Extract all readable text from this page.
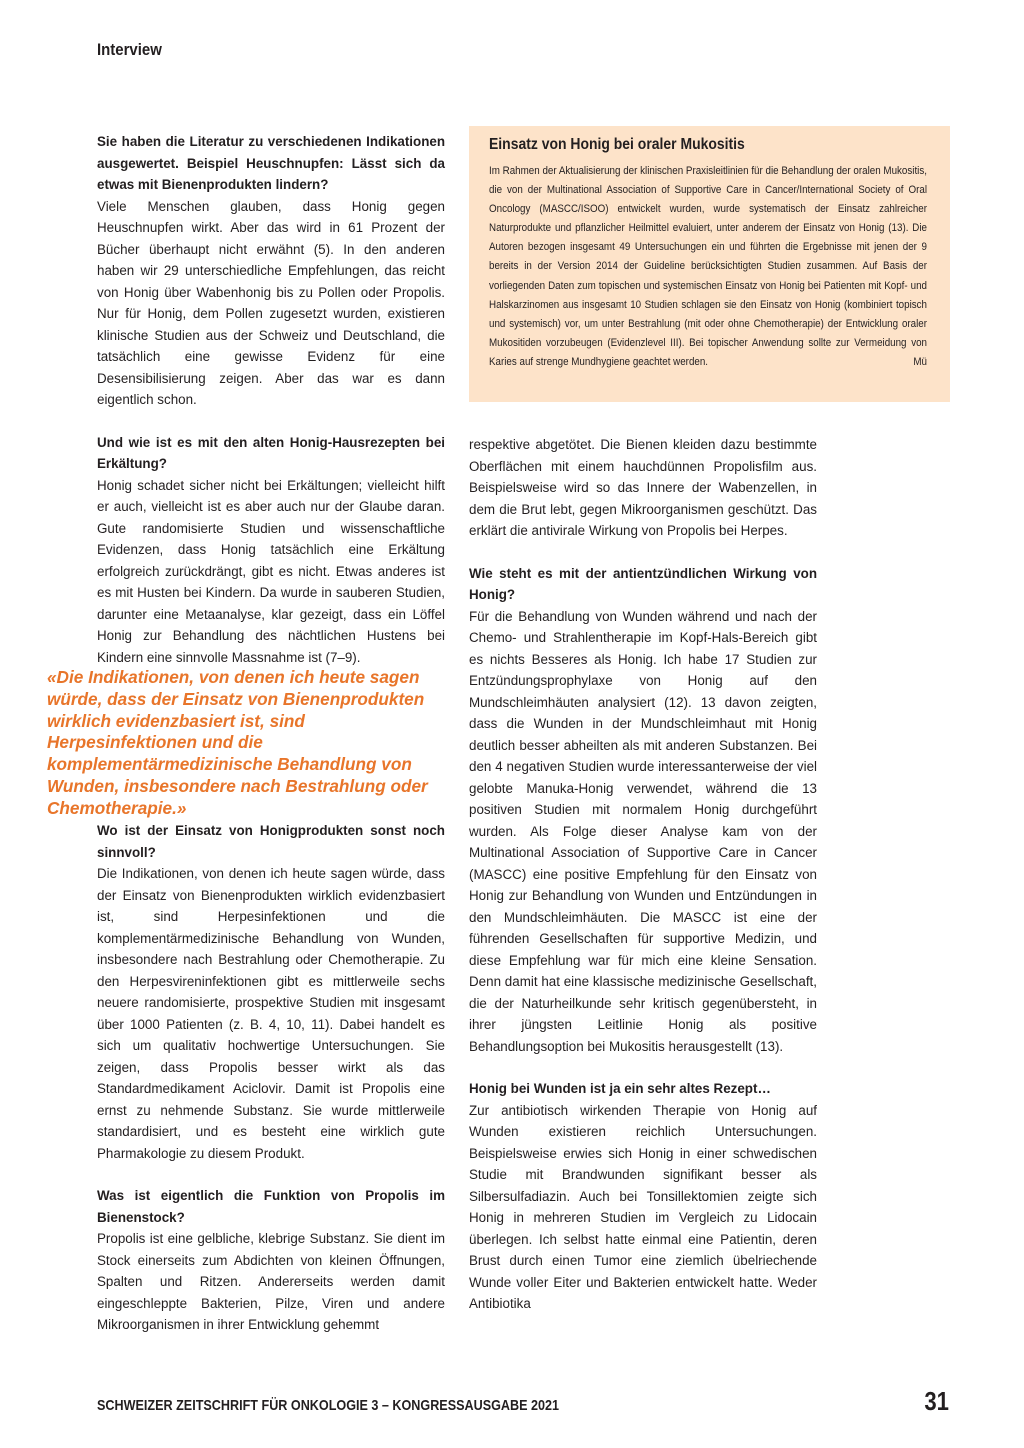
Interview

Sie haben die Literatur zu verschiedenen Indikationen ausgewertet. Beispiel Heuschnupfen: Lässt sich da etwas mit Bienenprodukten lindern?

Viele Menschen glauben, dass Honig gegen Heuschnupfen wirkt. Aber das wird in 61 Prozent der Bücher überhaupt nicht erwähnt (5). In den anderen haben wir 29 unterschiedliche Empfehlungen, das reicht von Honig über Wabenhonig bis zu Pollen oder Propolis. Nur für Honig, dem Pollen zugesetzt wurden, existieren klinische Studien aus der Schweiz und Deutschland, die tatsächlich eine gewisse Evidenz für eine Desensibilisierung zeigen. Aber das war es dann eigentlich schon.

Und wie ist es mit den alten Honig-Hausrezepten bei Erkältung?

Honig schadet sicher nicht bei Erkältungen; vielleicht hilft er auch, vielleicht ist es aber auch nur der Glaube daran. Gute randomisierte Studien und wissenschaftliche Evidenzen, dass Honig tatsächlich eine Erkältung erfolgreich zurückdrängt, gibt es nicht. Etwas anderes ist es mit Husten bei Kindern. Da wurde in sauberen Studien, darunter eine Metaanalyse, klar gezeigt, dass ein Löffel Honig zur Behandlung des nächtlichen Hustens bei Kindern eine sinnvolle Massnahme ist (7–9).

«Die Indikationen, von denen ich heute sagen würde, dass der Einsatz von Bienenprodukten wirklich evidenzbasiert ist, sind Herpesinfektionen und die komplementärmedizinische Behandlung von Wunden, insbesondere nach Bestrahlung oder Chemotherapie.»

Wo ist der Einsatz von Honigprodukten sonst noch sinnvoll?

Die Indikationen, von denen ich heute sagen würde, dass der Einsatz von Bienenprodukten wirklich evidenzbasiert ist, sind Herpesinfektionen und die komplementärmedizinische Behandlung von Wunden, insbesondere nach Bestrahlung oder Chemotherapie. Zu den Herpesvireninfektionen gibt es mittlerweile sechs neuere randomisierte, prospektive Studien mit insgesamt über 1000 Patienten (z. B. 4, 10, 11). Dabei handelt es sich um qualitativ hochwertige Untersuchungen. Sie zeigen, dass Propolis besser wirkt als das Standardmedikament Aciclovir. Damit ist Propolis eine ernst zu nehmende Substanz. Sie wurde mittlerweile standardisiert, und es besteht eine wirklich gute Pharmakologie zu diesem Produkt.

Was ist eigentlich die Funktion von Propolis im Bienenstock?

Propolis ist eine gelbliche, klebrige Substanz. Sie dient im Stock einerseits zum Abdichten von kleinen Öffnungen, Spalten und Ritzen. Andererseits werden damit eingeschleppte Bakterien, Pilze, Viren und andere Mikroorganismen in ihrer Entwicklung gehemmt

Einsatz von Honig bei oraler Mukositis

Im Rahmen der Aktualisierung der klinischen Praxisleitlinien für die Behandlung der oralen Mukositis, die von der Multinational Association of Supportive Care in Cancer/International Society of Oral Oncology (MASCC/ISOO) entwickelt wurden, wurde systematisch der Einsatz zahlreicher Naturprodukte und pflanzlicher Heilmittel evaluiert, unter anderem der Einsatz von Honig (13). Die Autoren bezogen insgesamt 49 Untersuchungen ein und führten die Ergebnisse mit jenen der 9 bereits in der Version 2014 der Guideline berücksichtigten Studien zusammen. Auf Basis der vorliegenden Daten zum topischen und systemischen Einsatz von Honig bei Patienten mit Kopf- und Halskarzinomen aus insgesamt 10 Studien schlagen sie den Einsatz von Honig (kombiniert topisch und systemisch) vor, um unter Bestrahlung (mit oder ohne Chemotherapie) der Entwicklung oraler Mukositiden vorzubeugen (Evidenzlevel III). Bei topischer Anwendung sollte zur Vermeidung von Karies auf strenge Mundhygiene geachtet werden.	Mü

respektive abgetötet. Die Bienen kleiden dazu bestimmte Oberflächen mit einem hauchdünnen Propolisfilm aus. Beispielsweise wird so das Innere der Wabenzellen, in dem die Brut lebt, gegen Mikroorganismen geschützt. Das erklärt die antivirale Wirkung von Propolis bei Herpes.

Wie steht es mit der antientzündlichen Wirkung von Honig?

Für die Behandlung von Wunden während und nach der Chemo- und Strahlentherapie im Kopf-Hals-Bereich gibt es nichts Besseres als Honig. Ich habe 17 Studien zur Entzündungsprophylaxe von Honig auf den Mundschleimhäuten analysiert (12). 13 davon zeigten, dass die Wunden in der Mundschleimhaut mit Honig deutlich besser abheilten als mit anderen Substanzen. Bei den 4 negativen Studien wurde interessanterweise der viel gelobte Manuka-Honig verwendet, während die 13 positiven Studien mit normalem Honig durchgeführt wurden. Als Folge dieser Analyse kam von der Multinational Association of Supportive Care in Cancer (MASCC) eine positive Empfehlung für den Einsatz von Honig zur Behandlung von Wunden und Entzündungen in den Mundschleimhäuten. Die MASCC ist eine der führenden Gesellschaften für supportive Medizin, und diese Empfehlung war für mich eine kleine Sensation. Denn damit hat eine klassische medizinische Gesellschaft, die der Naturheilkunde sehr kritisch gegenübersteht, in ihrer jüngsten Leitlinie Honig als positive Behandlungsoption bei Mukositis herausgestellt (13).

Honig bei Wunden ist ja ein sehr altes Rezept…

Zur antibiotisch wirkenden Therapie von Honig auf Wunden existieren reichlich Untersuchungen. Beispielsweise erwies sich Honig in einer schwedischen Studie mit Brandwunden signifikant besser als Silbersulfadiazin. Auch bei Tonsillektomien zeigte sich Honig in mehreren Studien im Vergleich zu Lidocain überlegen. Ich selbst hatte einmal eine Patientin, deren Brust durch einen Tumor eine ziemlich übelriechende Wunde voller Eiter und Bakterien entwickelt hatte. Weder Antibiotika

SCHWEIZER ZEITSCHRIFT FÜR ONKOLOGIE 3 – KONGRESSAUSGABE 2021	31
